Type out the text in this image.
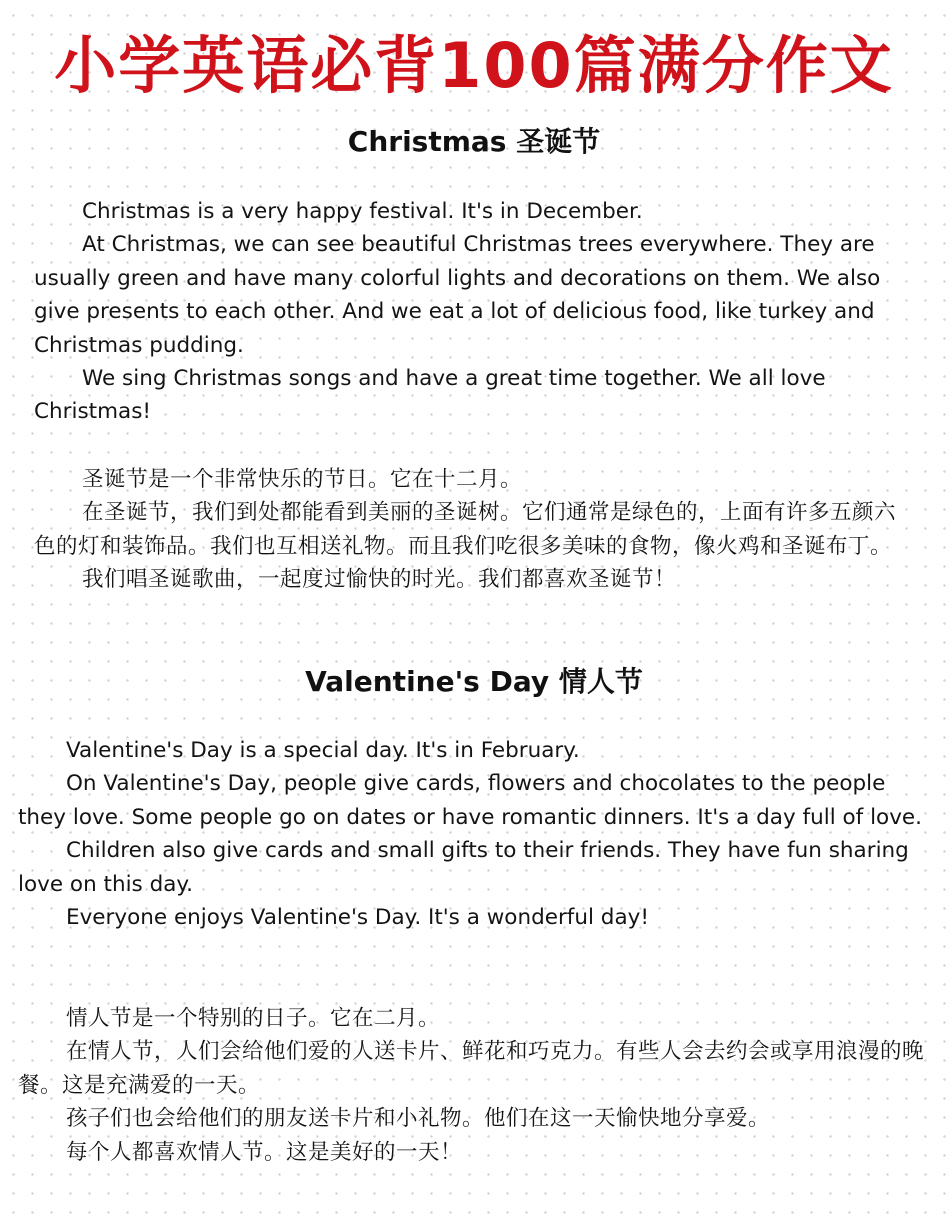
小学英语必背100篇满分作文
Christmas 圣诞节

Christmas is a very happy festival. It's in December.

At Christmas, we can see beautiful Christmas trees everywhere. They are usually green and have many colorful lights and decorations on them. We also give presents to each other. And we eat a lot of delicious food, like turkey and Christmas pudding.

We sing Christmas songs and have a great time together. We all love Christmas!

圣诞节是一个非常快乐的节日。它在十二月。

在圣诞节，我们到处都能看到美丽的圣诞树。它们通常是绿色的，上面有许多五颜六色的灯和装饰品。我们也互相送礼物。而且我们吃很多美味的食物，像火鸡和圣诞布丁。

我们唱圣诞歌曲，一起度过愉快的时光。我们都喜欢圣诞节！

Valentine's Day 情人节

Valentine's Day is a special day. It's in February.

On Valentine's Day, people give cards, flowers and chocolates to the people they love. Some people go on dates or have romantic dinners. It's a day full of love.

Children also give cards and small gifts to their friends. They have fun sharing love on this day.

Everyone enjoys Valentine's Day. It's a wonderful day!

情人节是一个特别的日子。它在二月。

在情人节，人们会给他们爱的人送卡片、鲜花和巧克力。有些人会去约会或享用浪漫的晚餐。这是充满爱的一天。

孩子们也会给他们的朋友送卡片和小礼物。他们在这一天愉快地分享爱。

每个人都喜欢情人节。这是美好的一天！
